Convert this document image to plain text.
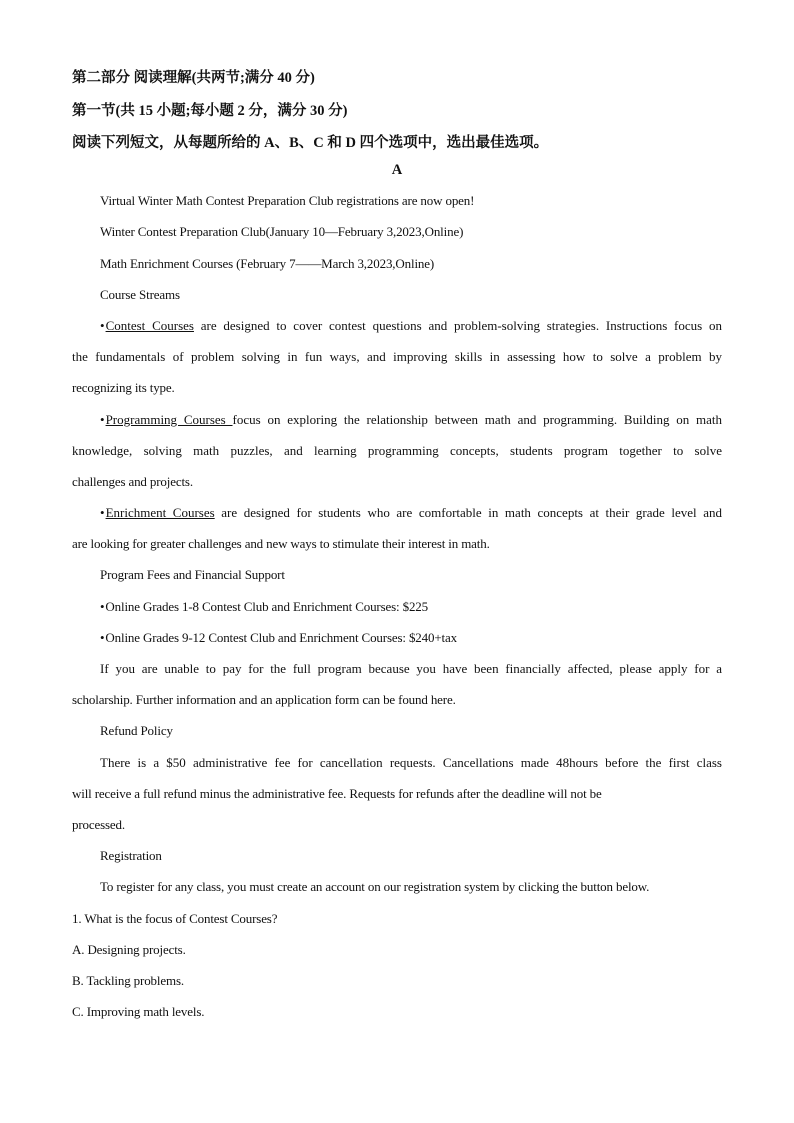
第二部分 阅读理解(共两节;满分 40 分)
第一节(共 15 小题;每小题 2 分，满分 30 分)
阅读下列短文，从每题所给的 A、B、C 和 D 四个选项中，选出最佳选项。
A
Virtual Winter Math Contest Preparation Club registrations are now open!
Winter Contest Preparation Club(January 10—February 3,2023,Online)
Math Enrichment Courses (February 7——March 3,2023,Online)
Course Streams
•Contest Courses are designed to cover contest questions and problem-solving strategies. Instructions focus on
the fundamentals of problem solving in fun ways, and improving skills in assessing how to solve a problem by
recognizing its type.
•Programming Courses focus on exploring the relationship between math and programming. Building on math
knowledge, solving math puzzles, and learning programming concepts, students program together to solve
challenges and projects.
•Enrichment Courses are designed for students who are comfortable in math concepts at their grade level and
are looking for greater challenges and new ways to stimulate their interest in math.
Program Fees and Financial Support
•Online Grades 1-8 Contest Club and Enrichment Courses: $225
•Online Grades 9-12 Contest Club and Enrichment Courses: $240+tax
If you are unable to pay for the full program because you have been financially affected, please apply for a
scholarship. Further information and an application form can be found here.
Refund Policy
There is a $50 administrative fee for cancellation requests. Cancellations made 48hours before the first class
will receive a full refund minus the administrative fee. Requests for refunds after the deadline will not be
processed.
Registration
To register for any class, you must create an account on our registration system by clicking the button below.
1. What is the focus of Contest Courses?
A. Designing projects.
B. Tackling problems.
C. Improving math levels.
